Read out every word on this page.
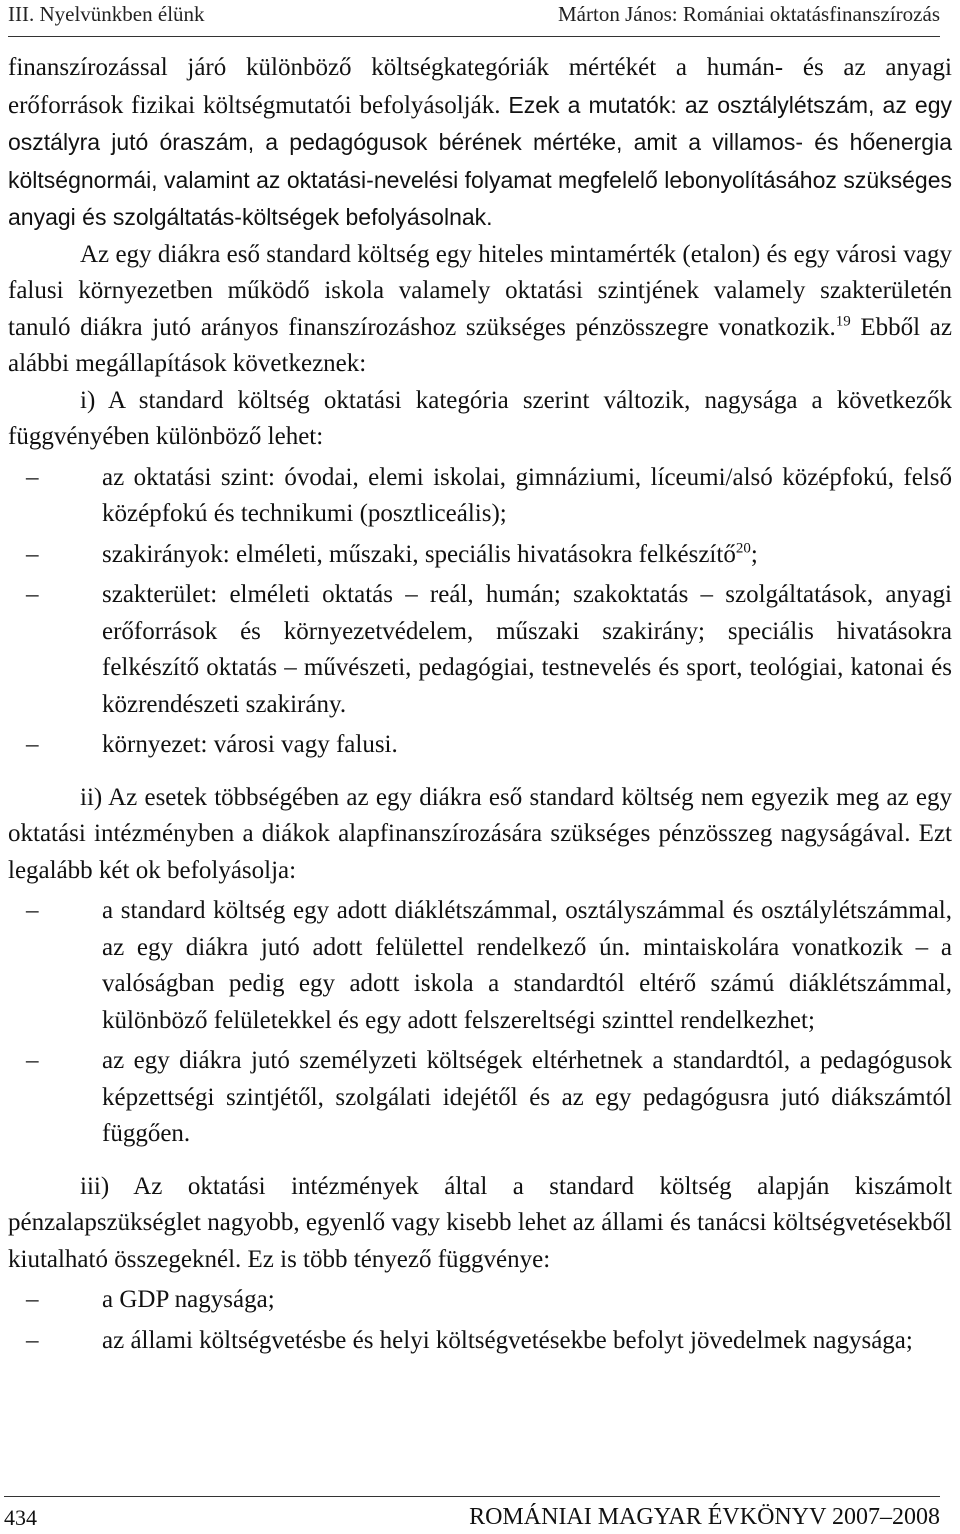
III. Nyelvünkben élünk	Márton János: Romániai oktatásfinanszírozás

finanszírozással járó különböző költségkategóriák mértékét a humán- és az anyagi erőforrások fizikai költségmutatói befolyásolják. Ezek a mutatók: az osztálylétszám, az egy osztályra jutó óraszám, a pedagógusok bérének mértéke, amit a villamos- és hőenergia költségnormái, valamint az oktatási-nevelési folyamat megfelelő lebonyolításához szükséges anyagi és szolgáltatás-költségek befolyásolnak.

Az egy diákra eső standard költség egy hiteles mintamérték (etalon) és egy városi vagy falusi környezetben működő iskola valamely oktatási szintjének valamely szakterületén tanuló diákra jutó arányos finanszírozáshoz szükséges pénzösszegre vonatkozik.$^{19}$ Ebből az alábbi megállapítások következnek:

i) A standard költség oktatási kategória szerint változik, nagysága a következők függvényében különböző lehet:

– az oktatási szint: óvodai, elemi iskolai, gimnáziumi, líceumi/alsó középfokú, felső középfokú és technikumi (posztliceális);
– szakirányok: elméleti, műszaki, speciális hivatásokra felkészítő$^{20}$;
– szakterület: elméleti oktatás – reál, humán; szakoktatás – szolgáltatások, anyagi erőforrások és környezetvédelem, műszaki szakirány; speciális hivatásokra felkészítő oktatás – művészeti, pedagógiai, testnevelés és sport, teológiai, katonai és közrendészeti szakirány.
– környezet: városi vagy falusi.

ii) Az esetek többségében az egy diákra eső standard költség nem egyezik meg az egy oktatási intézményben a diákok alapfinanszírozására szükséges pénzösszeg nagyságával. Ezt legalább két ok befolyásolja:

– a standard költség egy adott diáklétszámmal, osztályszámmal és osztálylétszámmal, az egy diákra jutó adott felülettel rendelkező ún. mintaiskolára vonatkozik – a valóságban pedig egy adott iskola a standardtól eltérő számú diáklétszámmal, különböző felületekkel és egy adott felszereltségi szinttel rendelkezhet;
– az egy diákra jutó személyzeti költségek eltérhetnek a standardtól, a pedagógusok képzettségi szintjétől, szolgálati idejétől és az egy pedagógusra jutó diákszámtól függően.

iii) Az oktatási intézmények által a standard költség alapján kiszámolt pénzalapszükséglet nagyobb, egyenlő vagy kisebb lehet az állami és tanácsi költségvetésekből kiutalható összegeknél. Ez is több tényező függvénye:

– a GDP nagysága;
– az állami költségvetésbe és helyi költségvetésekbe befolyt jövedelmek nagysága;
434	ROMÁNIAI MAGYAR ÉVKÖNYV 2007–2008
